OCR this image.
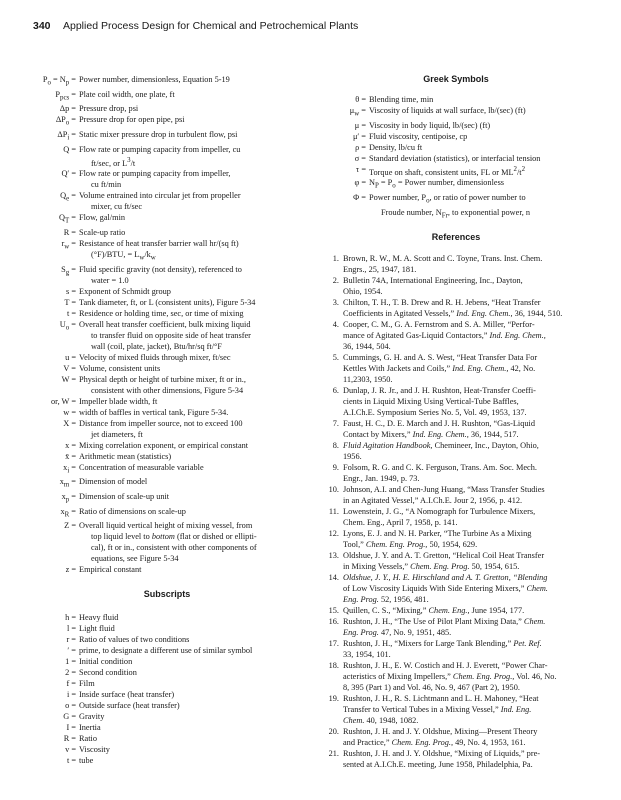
340 Applied Process Design for Chemical and Petrochemical Plants
$P_o = N_p$ = Power number, dimensionless, Equation 5-19
$P_{pcs}$ = Plate coil width, one plate, ft
Δp = Pressure drop, psi
$\Delta P_o$ = Pressure drop for open pipe, psi
$\Delta P_i$ = Static mixer pressure drop in turbulent flow, psi
Q = Flow rate or pumping capacity from impeller, cu
ft/sec, or $L^3/t$
Q′ = Flow rate or pumping capacity from impeller,
cu ft/min
$Q_e$ = Volume entrained into circular jet from propeller
mixer, cu ft/sec
$Q_T$ = Flow, gal/min
R = Scale-up ratio
$r_w$ = Resistance of heat transfer barrier wall hr/(sq ft)
(°F)/BTU, = $L_w/k_w$
$S_g$ = Fluid specific gravity (not density), referenced to
water = 1.0
s = Exponent of Schmidt group
T = Tank diameter, ft, or L (consistent units), Figure 5-34
t = Residence or holding time, sec, or time of mixing
$U_o$ = Overall heat transfer coefficient, bulk mixing liquid
to transfer fluid on opposite side of heat transfer
wall (coil, plate, jacket), Btu/hr/sq ft/°F
u = Velocity of mixed fluids through mixer, ft/sec
V = Volume, consistent units
W = Physical depth or height of turbine mixer, ft or in.,
consistent with other dimensions, Figure 5-34
or, W = Impeller blade width, ft
w = width of baffles in vertical tank, Figure 5-34.
X = Distance from impeller source, not to exceed 100
jet diameters, ft
x = Mixing correlation exponent, or empirical constant
x̄ = Arithmetic mean (statistics)
$x_i$ = Concentration of measurable variable
$x_m$ = Dimension of model
$x_p$ = Dimension of scale-up unit
$x_R$ = Ratio of dimensions on scale-up
Z = Overall liquid vertical height of mixing vessel, from
top liquid level to bottom (flat or dished or ellipti-
cal), ft or in., consistent with other components of
equations, see Figure 5-34
z = Empirical constant
Subscripts
h = Heavy fluid
l = Light fluid
r = Ratio of values of two conditions
′ = prime, to designate a different use of similar symbol
1 = Initial condition
2 = Second condition
f = Film
i = Inside surface (heat transfer)
o = Outside surface (heat transfer)
G = Gravity
I = Inertia
R = Ratio
v = Viscosity
t = tube
Greek Symbols
θ = Blending time, min
$\mu_w$ = Viscosity of liquids at wall surface, lb/(sec) (ft)
μ = Viscosity in body liquid, lb/(sec) (ft)
μ′ = Fluid viscosity, centipoise, cp
ρ = Density, lb/cu ft
σ = Standard deviation (statistics), or interfacial tension
τ = Torque on shaft, consistent units, FL or $ML^2/t^2$
$\varphi = N_P = P_o$ = Power number, dimensionless
Φ = Power number, $P_o$, or ratio of power number to
Froude number, $N_{Fr}$, to exponential power, n
References
1. Brown, R. W., M. A. Scott and C. Toyne, Trans. Inst. Chem.
Engrs., 25, 1947, 181.
2. Bulletin 74A, International Engineering, Inc., Dayton,
Ohio, 1954.
3. Chilton, T. H., T. B. Drew and R. H. Jebens, “Heat Transfer
Coefficients in Agitated Vessels,” Ind. Eng. Chem., 36, 1944, 510.
4. Cooper, C. M., G. A. Fernstrom and S. A. Miller, “Perfor-
mance of Agitated Gas-Liquid Contactors,” Ind. Eng. Chem.,
36, 1944, 504.
5. Cummings, G. H. and A. S. West, “Heat Transfer Data For
Kettles With Jackets and Coils,” Ind. Eng. Chem., 42, No.
11,2303, 1950.
6. Dunlap, J. R. Jr., and J. H. Rushton, Heat-Transfer Coeffi-
cients in Liquid Mixing Using Vertical-Tube Baffles,
A.I.Ch.E. Symposium Series No. 5, Vol. 49, 1953, 137.
7. Faust, H. C., D. E. March and J. H. Rushton, “Gas-Liquid
Contact by Mixers,” Ind. Eng. Chem., 36, 1944, 517.
8. Fluid Agitation Handbook, Chemineer, Inc., Dayton, Ohio,
1956.
9. Folsom, R. G. and C. K. Ferguson, Trans. Am. Soc. Mech.
Engr., Jan. 1949, p. 73.
10. Johnson, A.I. and Chen-Jung Huang, “Mass Transfer Studies
in an Agitated Vessel,” A.I.Ch.E. Jour 2, 1956, p. 412.
11. Lowenstein, J. G., “A Nomograph for Turbulence Mixers,
Chem. Eng., April 7, 1958, p. 141.
12. Lyons, E. J. and N. H. Parker, “The Turbine As a Mixing
Tool,” Chem. Eng. Prog., 50, 1954, 629.
13. Oldshue, J. Y. and A. T. Gretton, “Helical Coil Heat Transfer
in Mixing Vessels,” Chem. Eng. Prog. 50, 1954, 615.
14. Oldshue, J. Y., H. E. Hirschland and A. T. Gretton, “Blending
of Low Viscosity Liquids With Side Entering Mixers,” Chem.
Eng. Prog. 52, 1956, 481.
15. Quillen, C. S., “Mixing,” Chem. Eng., June 1954, 177.
16. Rushton, J. H., “The Use of Pilot Plant Mixing Data,” Chem.
Eng. Prog. 47, No. 9, 1951, 485.
17. Rushton, J. H., “Mixers for Large Tank Blending,” Pet. Ref.
33, 1954, 101.
18. Rushton, J. H., E. W. Costich and H. J. Everett, “Power Char-
acteristics of Mixing Impellers,” Chem. Eng. Prog., Vol. 46, No.
8, 395 (Part 1) and Vol. 46, No. 9, 467 (Part 2), 1950.
19. Rushton, J. H., R. S. Lichtmann and L. H. Mahoney, “Heat
Transfer to Vertical Tubes in a Mixing Vessel,” Ind. Eng.
Chem. 40, 1948, 1082.
20. Rushton, J. H. and J. Y. Oldshue, Mixing—Present Theory
and Practice,” Chem. Eng. Prog., 49, No. 4, 1953, 161.
21. Rushton, J. H. and J. Y. Oldshue, “Mixing of Liquids,” pre-
sented at A.I.Ch.E. meeting, June 1958, Philadelphia, Pa.
